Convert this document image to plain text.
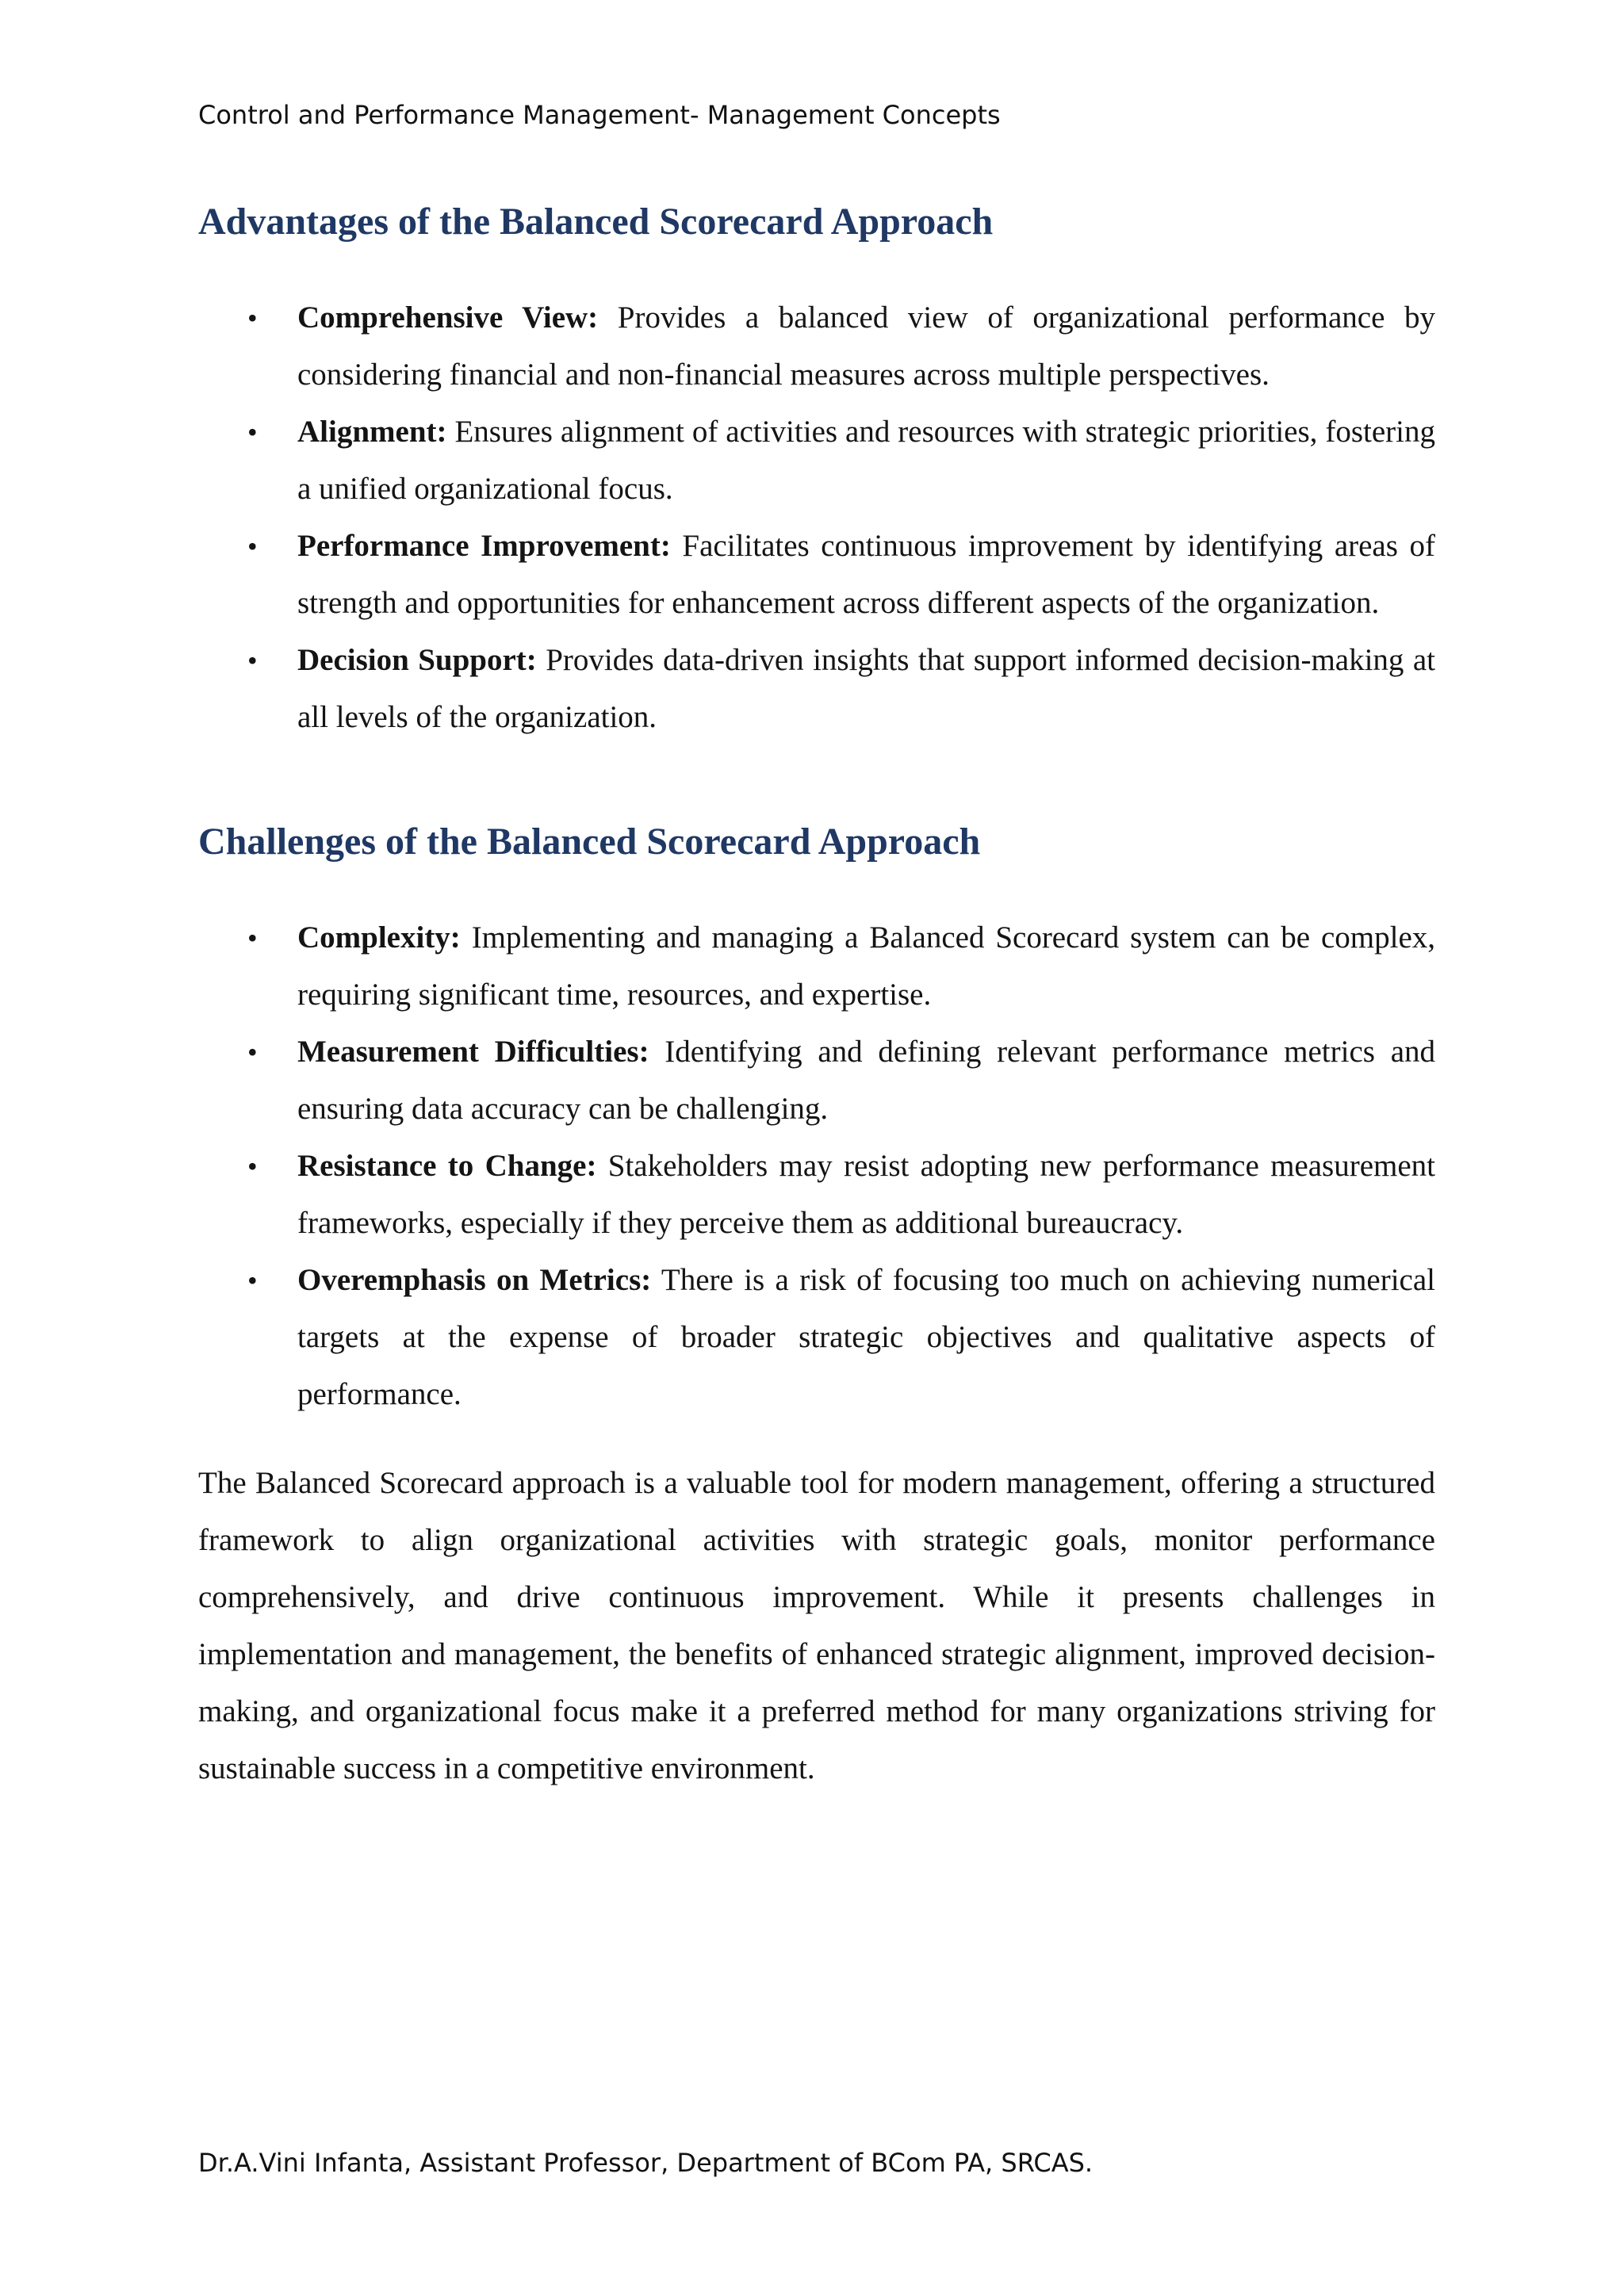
Control and Performance Management- Management Concepts
Advantages of the Balanced Scorecard Approach
• Comprehensive View: Provides a balanced view of organizational performance by considering financial and non-financial measures across multiple perspectives.
• Alignment: Ensures alignment of activities and resources with strategic priorities, fostering a unified organizational focus.
• Performance Improvement: Facilitates continuous improvement by identifying areas of strength and opportunities for enhancement across different aspects of the organization.
• Decision Support: Provides data-driven insights that support informed decision-making at all levels of the organization.
Challenges of the Balanced Scorecard Approach
• Complexity: Implementing and managing a Balanced Scorecard system can be complex, requiring significant time, resources, and expertise.
• Measurement Difficulties: Identifying and defining relevant performance metrics and ensuring data accuracy can be challenging.
• Resistance to Change: Stakeholders may resist adopting new performance measurement frameworks, especially if they perceive them as additional bureaucracy.
• Overemphasis on Metrics: There is a risk of focusing too much on achieving numerical targets at the expense of broader strategic objectives and qualitative aspects of performance.

The Balanced Scorecard approach is a valuable tool for modern management, offering a structured framework to align organizational activities with strategic goals, monitor performance comprehensively, and drive continuous improvement. While it presents challenges in implementation and management, the benefits of enhanced strategic alignment, improved decision-making, and organizational focus make it a preferred method for many organizations striving for sustainable success in a competitive environment.

Dr.A.Vini Infanta, Assistant Professor, Department of BCom PA, SRCAS.
